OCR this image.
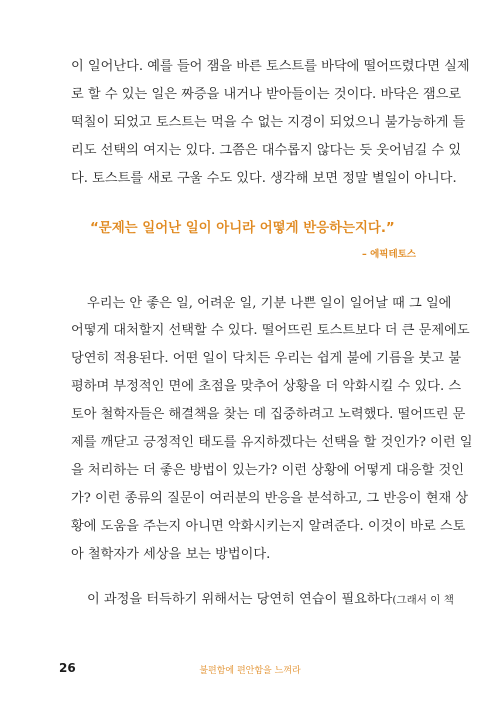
이 일어난다. 예를 들어 잼을 바른 토스트를 바닥에 떨어뜨렸다면 실제
로 할 수 있는 일은 짜증을 내거나 받아들이는 것이다. 바닥은 잼으로
떡칠이 되었고 토스트는 먹을 수 없는 지경이 되었으니 불가능하게 들
리도 선택의 여지는 있다. 그쯤은 대수롭지 않다는 듯 웃어넘길 수 있
다. 토스트를 새로 구울 수도 있다. 생각해 보면 정말 별일이 아니다.
“문제는 일어난 일이 아니라 어떻게 반응하는지다.”
– 에픽테토스
우리는 안 좋은 일, 어려운 일, 기분 나쁜 일이 일어날 때 그 일에
어떻게 대처할지 선택할 수 있다. 떨어뜨린 토스트보다 더 큰 문제에도
당연히 적용된다. 어떤 일이 닥치든 우리는 쉽게 불에 기름을 붓고 불
평하며 부정적인 면에 초점을 맞추어 상황을 더 악화시킬 수 있다. 스
토아 철학자들은 해결책을 찾는 데 집중하려고 노력했다. 떨어뜨린 문
제를 깨닫고 긍정적인 태도를 유지하겠다는 선택을 할 것인가? 이런 일
을 처리하는 더 좋은 방법이 있는가? 이런 상황에 어떻게 대응할 것인
가? 이런 종류의 질문이 여러분의 반응을 분석하고, 그 반응이 현재 상
황에 도움을 주는지 아니면 악화시키는지 알려준다. 이것이 바로 스토
아 철학자가 세상을 보는 방법이다.
이 과정을 터득하기 위해서는 당연히 연습이 필요하다(그래서 이 책
26	불편함에 편안함을 느껴라
